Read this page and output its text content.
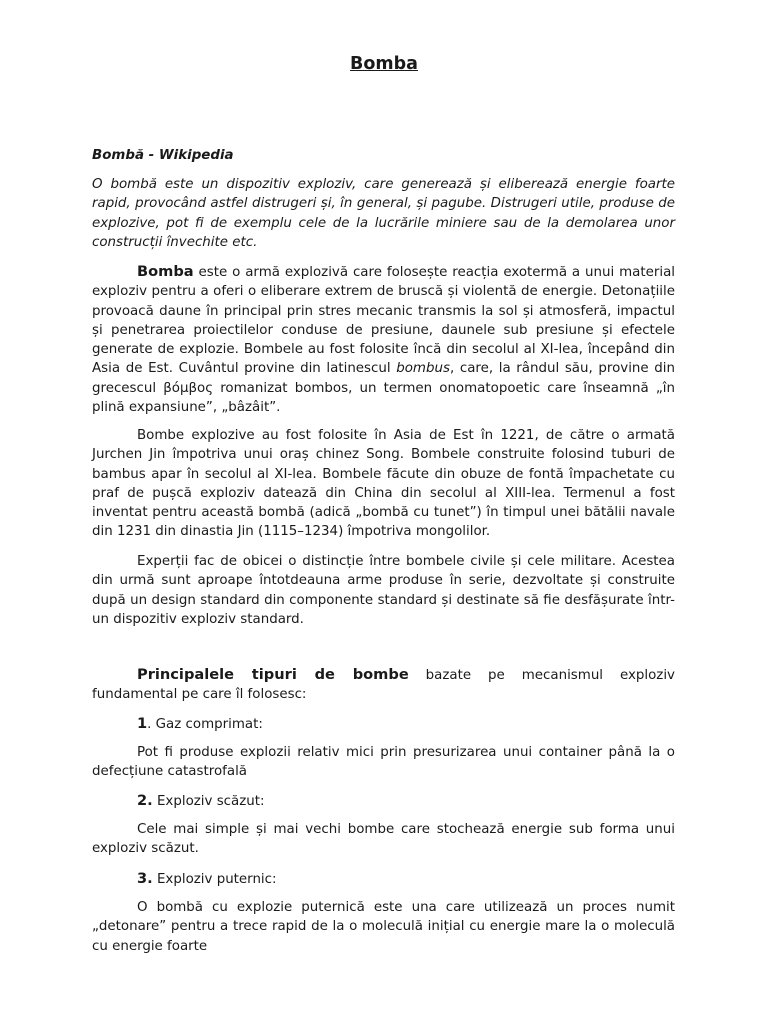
Bomba
Bombă - Wikipedia

O bombă este un dispozitiv exploziv, care generează și eliberează energie foarte rapid, provocând astfel distrugeri și, în general, și pagube. Distrugeri utile, produse de explozive, pot fi de exemplu cele de la lucrările miniere sau de la demolarea unor construcții învechite etc.

Bomba este o armă explozivă care folosește reacția exotermă a unui material exploziv pentru a oferi o eliberare extrem de bruscă și violentă de energie. Detonațiile provoacă daune în principal prin stres mecanic transmis la sol și atmosferă, impactul și penetrarea proiectilelor conduse de presiune, daunele sub presiune și efectele generate de explozie. Bombele au fost folosite încă din secolul al XI-lea, începând din Asia de Est. Cuvântul provine din latinescul bombus, care, la rândul său, provine din grecescul βόμβος romanizat bombos, un termen onomatopoetic care înseamnă „în plină expansiune”, „bâzâit”.

Bombe explozive au fost folosite în Asia de Est în 1221, de către o armată Jurchen Jin împotriva unui oraș chinez Song. Bombele construite folosind tuburi de bambus apar în secolul al XI-lea. Bombele făcute din obuze de fontă împachetate cu praf de pușcă exploziv datează din China din secolul al XIII-lea. Termenul a fost inventat pentru această bombă (adică „bombă cu tunet”) în timpul unei bătălii navale din 1231 din dinastia Jin (1115–1234) împotriva mongolilor.

Experții fac de obicei o distincție între bombele civile și cele militare. Acestea din urmă sunt aproape întotdeauna arme produse în serie, dezvoltate și construite după un design standard din componente standard și destinate să fie desfășurate într-un dispozitiv exploziv standard.

Principalele tipuri de bombe bazate pe mecanismul exploziv fundamental pe care îl folosesc:

1. Gaz comprimat:

Pot fi produse explozii relativ mici prin presurizarea unui container până la o defecțiune catastrofală

2. Exploziv scăzut:

Cele mai simple și mai vechi bombe care stochează energie sub forma unui exploziv scăzut.

3. Exploziv puternic:

O bombă cu explozie puternică este una care utilizează un proces numit „detonare” pentru a trece rapid de la o moleculă inițial cu energie mare la o moleculă cu energie foarte
